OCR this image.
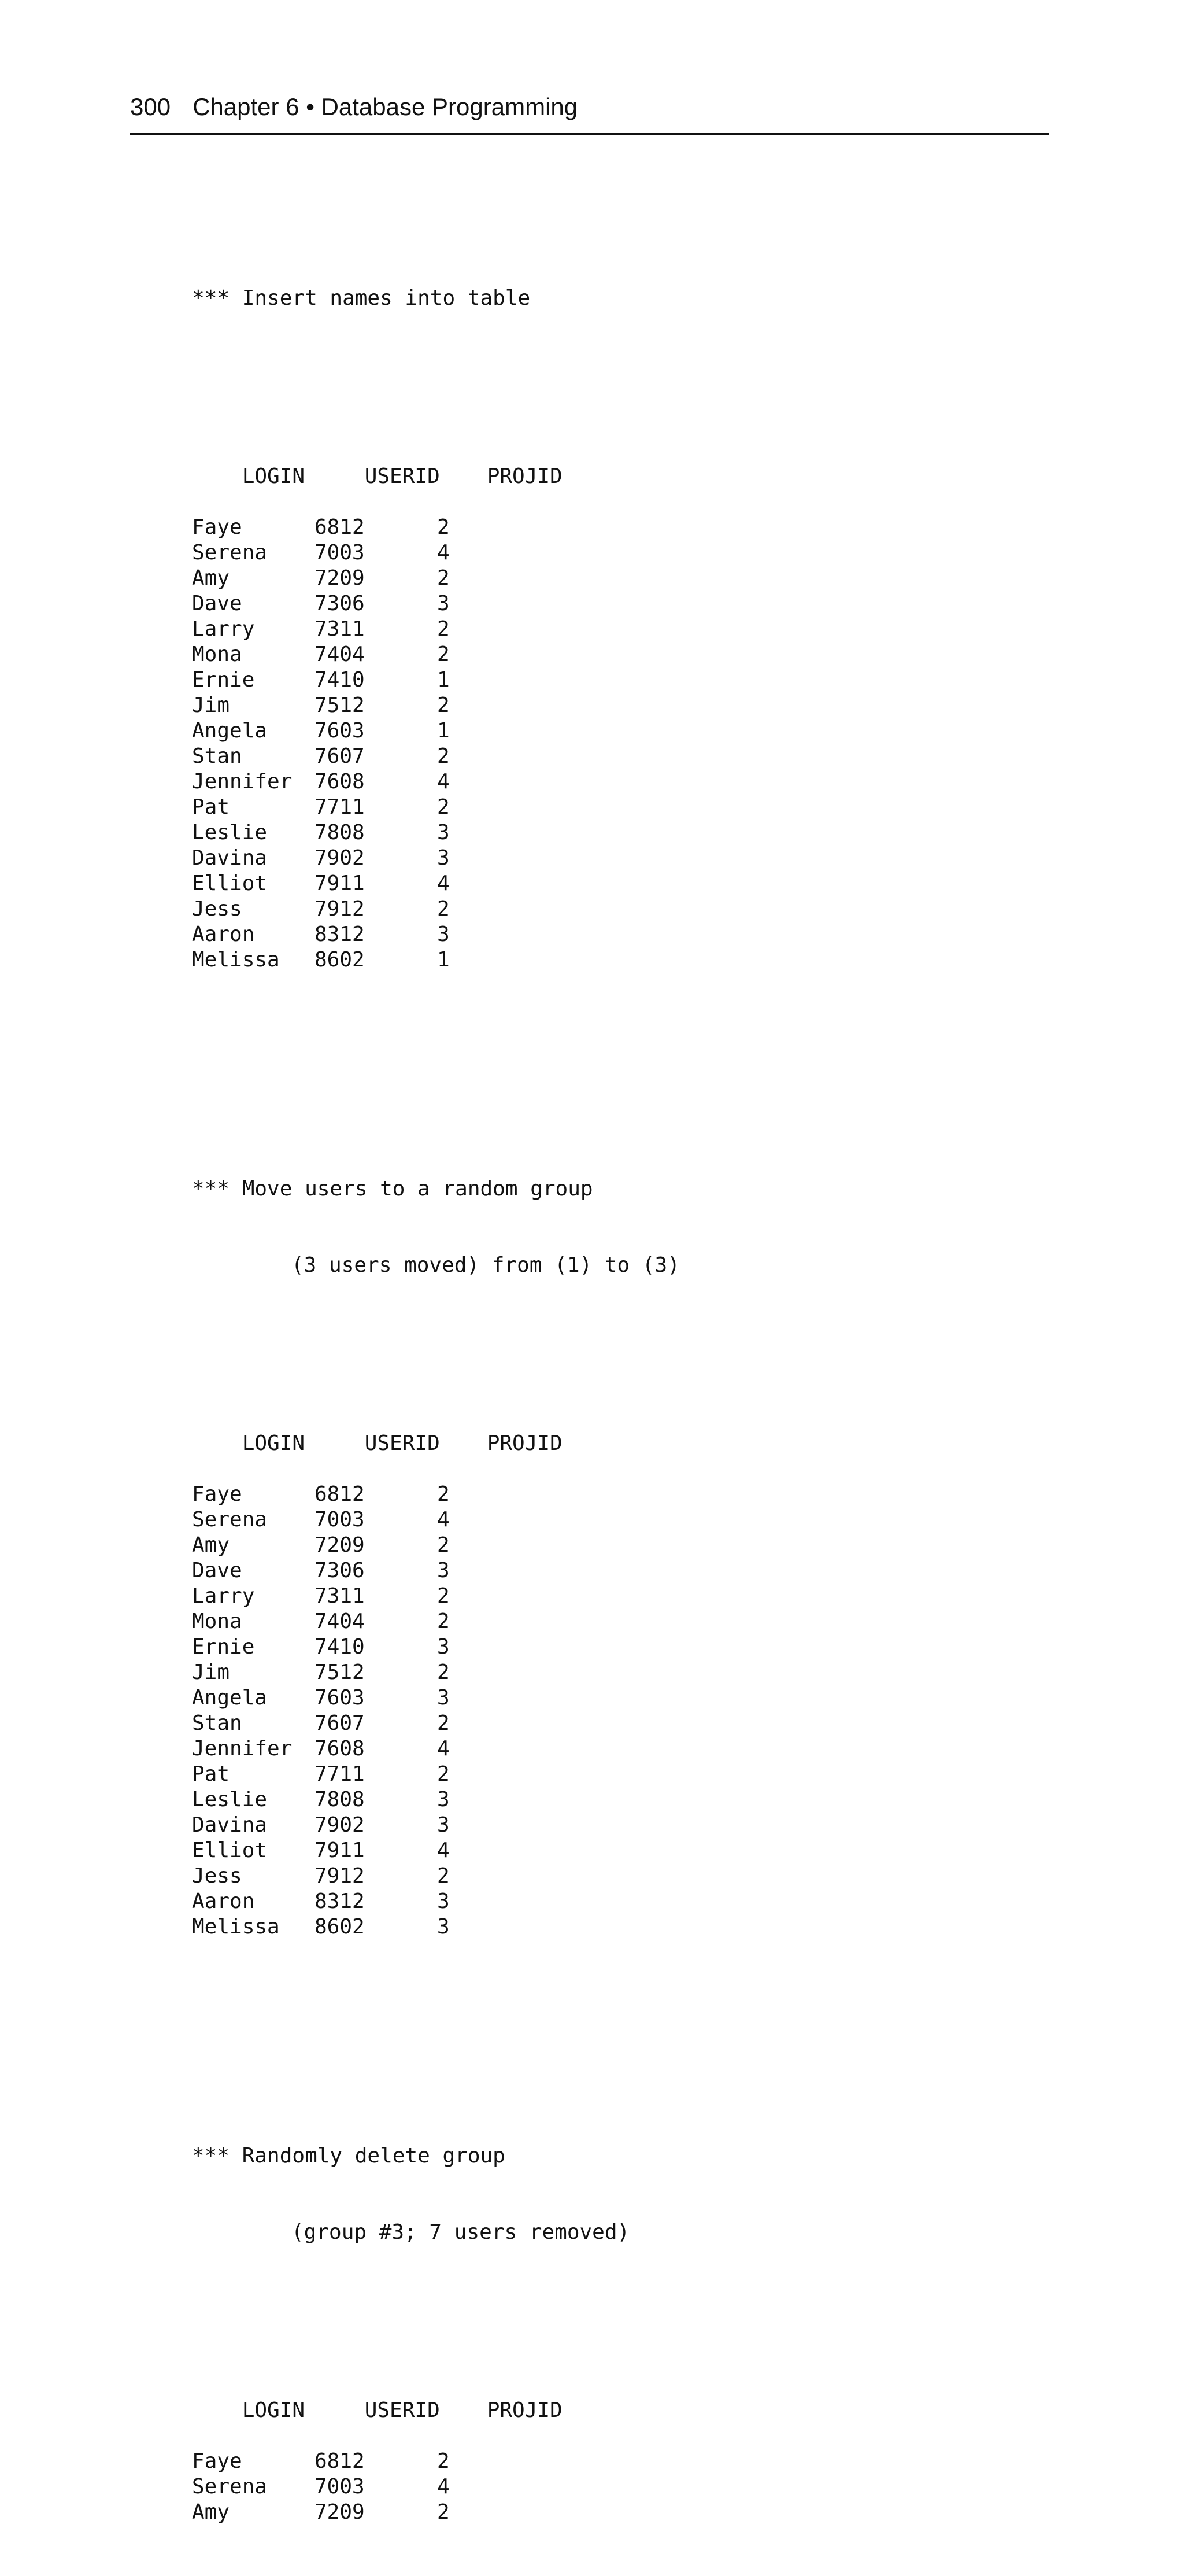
300 Chapter 6 • Database Programming

*** Insert names into table

LOGIN	USERID PROJID

Faye	6812	2
Serena 7003	4
Amy	7209	2
Dave	7306	3
Larry	7311	2
Mona	7404	2
Ernie	7410	1
Jim	7512	2
Angela 7603	1
Stan	7607	2
Jennifer 7608	4
Pat	7711	2
Leslie 7808	3
Davina 7902	3
Elliot 7911	4
Jess	7912	2
Aaron	8312	3
Melissa 8602	1

*** Move users to a random group

(3 users moved) from (1) to (3)

LOGIN	USERID PROJID

Faye	6812	2
Serena 7003	4
Amy	7209	2
Dave	7306	3
Larry	7311	2
Mona	7404	2
Ernie	7410	3
Jim	7512	2
Angela 7603	3
Stan	7607	2
Jennifer 7608	4
Pat	7711	2
Leslie 7808	3
Davina 7902	3
Elliot 7911	4
Jess	7912	2
Aaron	8312	3
Melissa 8602	3

*** Randomly delete group

(group #3; 7 users removed)

LOGIN	USERID PROJID

Faye	6812	2
Serena 7003	4
Amy	7209	2
